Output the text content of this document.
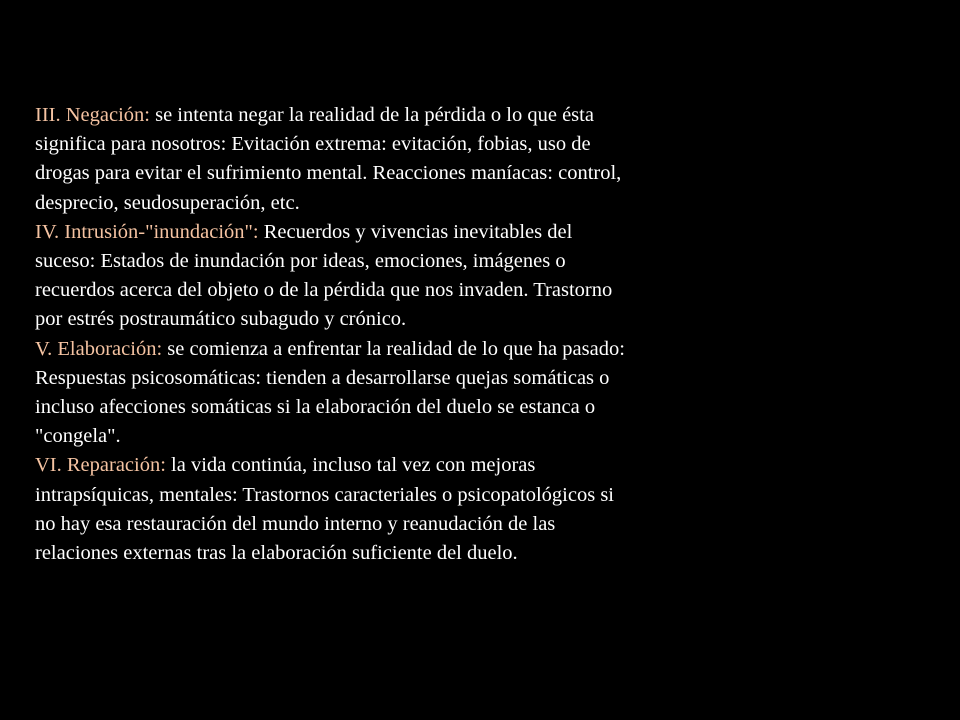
III. Negación: se intenta negar la realidad de la pérdida o lo que ésta significa para nosotros: Evitación extrema: evitación, fobias, uso de drogas para evitar el sufrimiento mental. Reacciones maníacas: control, desprecio, seudosuperación, etc.

IV. Intrusión-"inundación": Recuerdos y vivencias inevitables del suceso: Estados de inundación por ideas, emociones, imágenes o recuerdos acerca del objeto o de la pérdida que nos invaden. Trastorno por estrés postraumático subagudo y crónico.

V. Elaboración: se comienza a enfrentar la realidad de lo que ha pasado: Respuestas psicosomáticas: tienden a desarrollarse quejas somáticas o incluso afecciones somáticas si la elaboración del duelo se estanca o "congela".

VI. Reparación: la vida continúa, incluso tal vez con mejoras intrapsíquicas, mentales: Trastornos caracteriales o psicopatológicos si no hay esa restauración del mundo interno y reanudación de las relaciones externas tras la elaboración suficiente del duelo.
